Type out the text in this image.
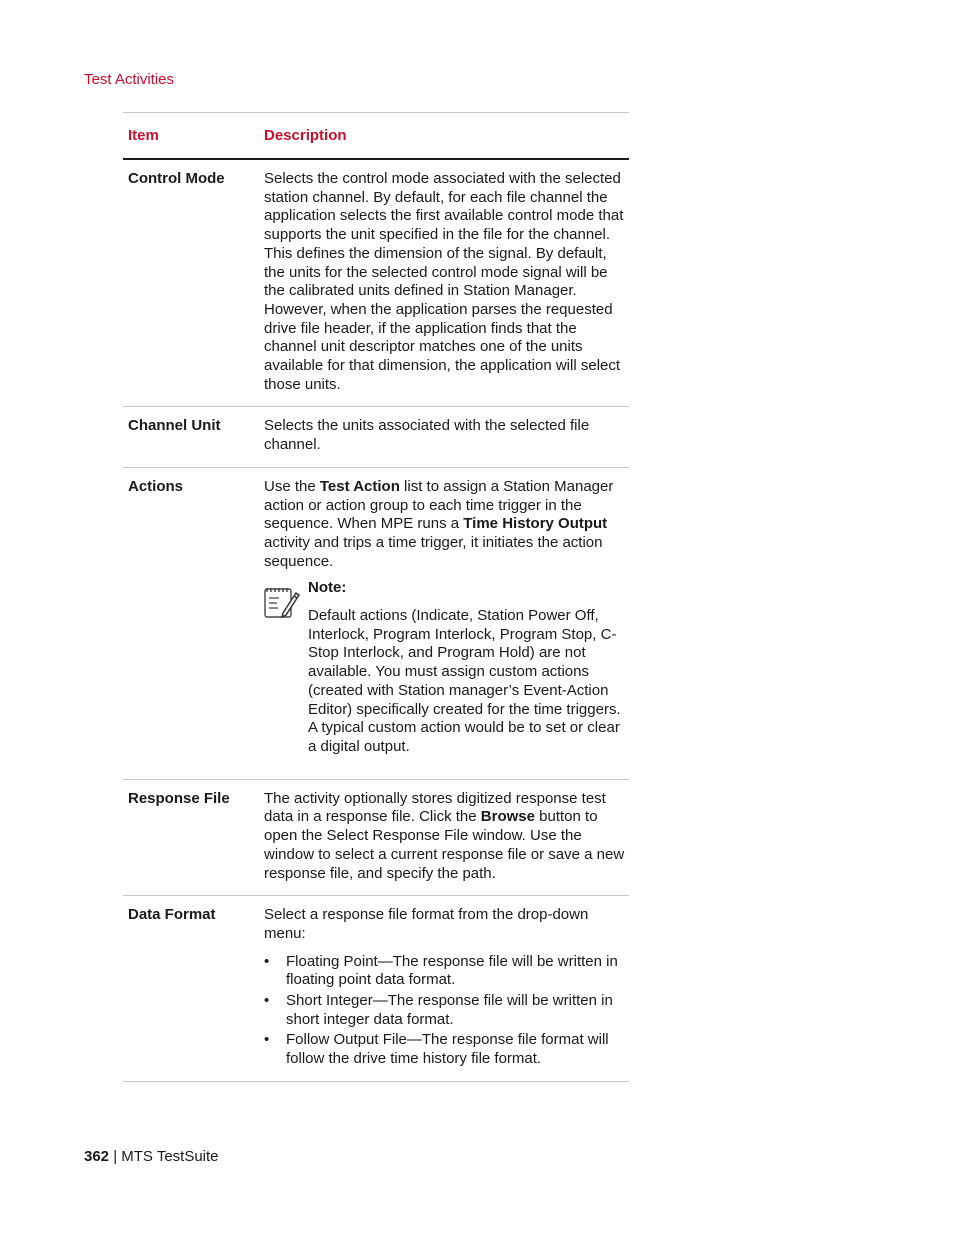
Test Activities
Item	Description
Control Mode	Selects the control mode associated with the selected station channel. By default, for each file channel the application selects the first available control mode that supports the unit specified in the file for the channel. This defines the dimension of the signal. By default, the units for the selected control mode signal will be the calibrated units defined in Station Manager. However, when the application parses the requested drive file header, if the application finds that the channel unit descriptor matches one of the units available for that dimension, the application will select those units.
Channel Unit	Selects the units associated with the selected file channel.
Actions	Use the Test Action list to assign a Station Manager action or action group to each time trigger in the sequence. When MPE runs a Time History Output activity and trips a time trigger, it initiates the action sequence.

Note:
Default actions (Indicate, Station Power Off, Interlock, Program Interlock, Program Stop, C-Stop Interlock, and Program Hold) are not available. You must assign custom actions (created with Station manager’s Event-Action Editor) specifically created for the time triggers. A typical custom action would be to set or clear a digital output.
Response File	The activity optionally stores digitized response test data in a response file. Click the Browse button to open the Select Response File window. Use the window to select a current response file or save a new response file, and specify the path.

Data Format	Select a response file format from the drop-down menu:

• Floating Point—The response file will be written in floating point data format.
• Short Integer—The response file will be written in short integer data format.
• Follow Output File—The response file format will follow the drive time history file format.
362 | MTS TestSuite
